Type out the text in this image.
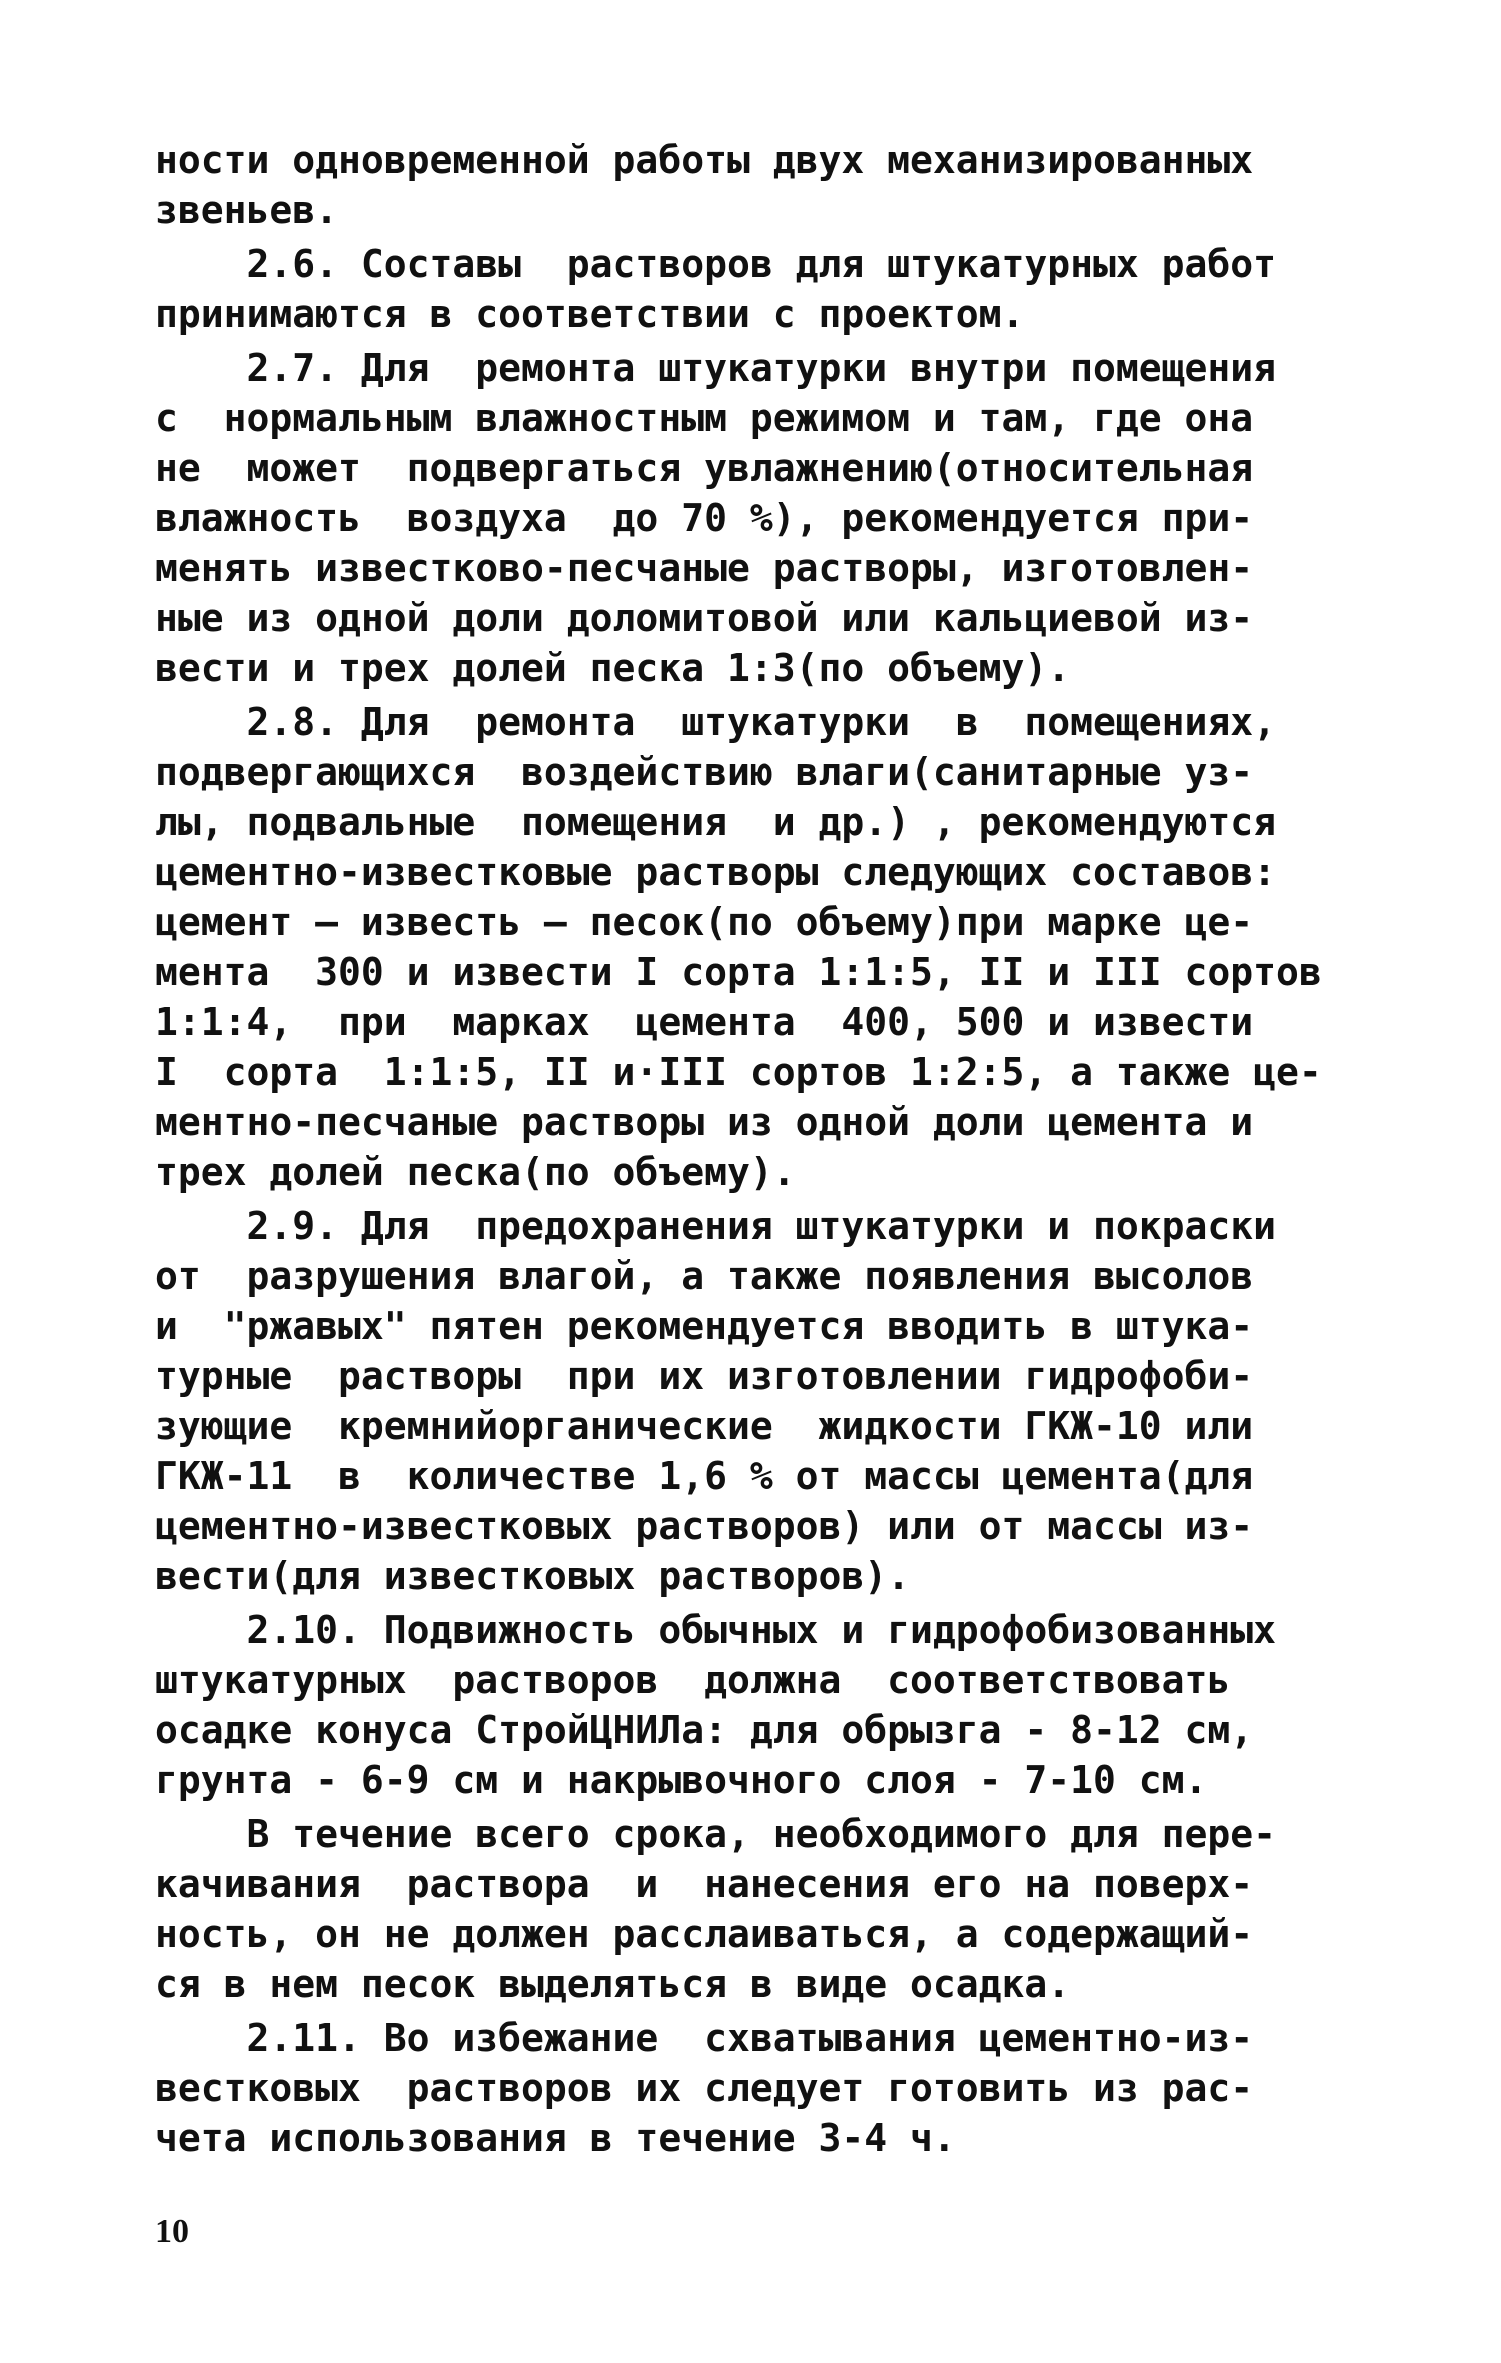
ности одновременной работы двух механизированных
звеньев.

2.6. Составы  растворов для штукатурных работ
принимаются в соответствии с проектом.

2.7. Для  ремонта штукатурки внутри помещения
с  нормальным влажностным режимом и там, где она
не  может  подвергаться увлажнению(относительная
влажность  воздуха  до 70 %), рекомендуется при-
менять известково-песчаные растворы, изготовлен-
ные из одной доли доломитовой или кальциевой из-
вести и трех долей песка 1:3(по объему).

2.8. Для  ремонта  штукатурки  в  помещениях,
подвергающихся  воздействию влаги(санитарные уз-
лы, подвальные  помещения  и др.) , рекомендуются
цементно-известковые растворы следующих составов:
цемент — известь — песок(по объему)при марке це-
мента  300 и извести I сорта 1:1:5, II и III сортов
1:1:4,  при  марках  цемента  400, 500 и извести
I  сорта  1:1:5, II и·III сортов 1:2:5, а также це-
ментно-песчаные растворы из одной доли цемента и
трех долей песка(по объему).

2.9. Для  предохранения штукатурки и покраски
от  разрушения влагой, а также появления высолов
и  "ржавых" пятен рекомендуется вводить в штука-
турные  растворы  при их изготовлении гидрофоби-
зующие  кремнийорганические  жидкости ГКЖ-10 или
ГКЖ-11  в  количестве 1,6 % от массы цемента(для
цементно-известковых растворов) или от массы из-
вести(для известковых растворов).

2.10. Подвижность обычных и гидрофобизованных
штукатурных  растворов  должна  соответствовать
осадке конуса СтройЦНИЛа: для обрызга - 8-12 см,
грунта - 6-9 см и накрывочного слоя - 7-10 см.

В течение всего срока, необходимого для пере-
качивания  раствора  и  нанесения его на поверх-
ность, он не должен расслаиваться, а содержащий-
ся в нем песок выделяться в виде осадка.

2.11. Во избежание  схватывания цементно-из-
вестковых  растворов их следует готовить из рас-
чета использования в течение 3-4 ч.

10
